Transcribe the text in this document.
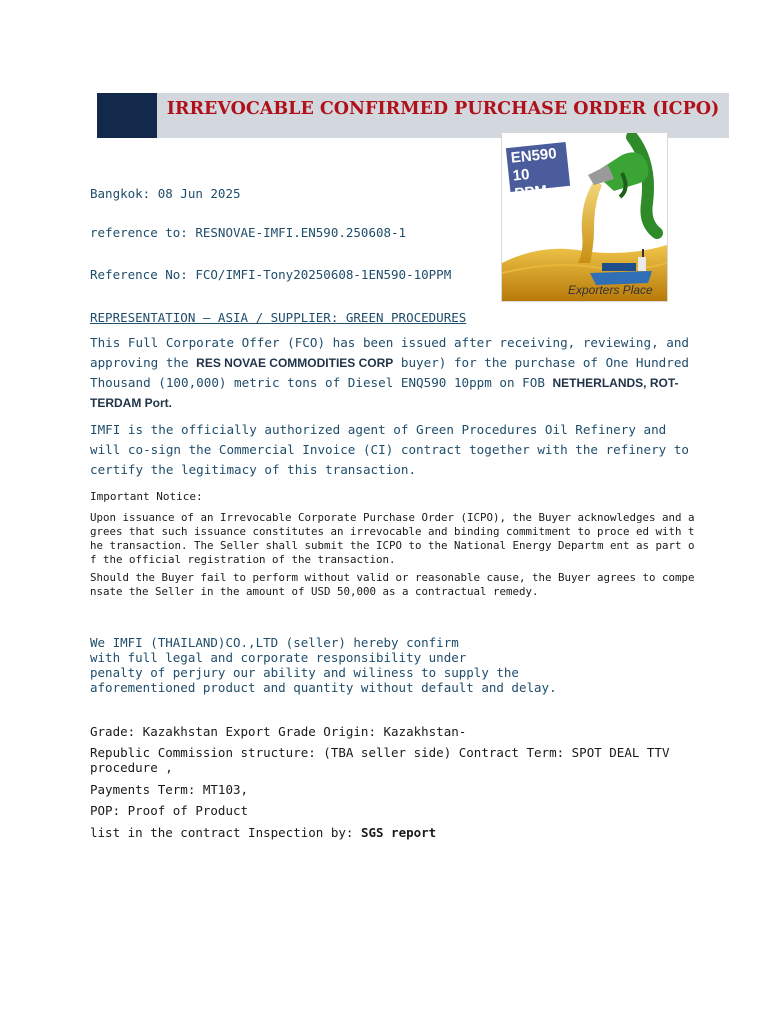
IRREVOCABLE CONFIRMED PURCHASE ORDER (ICPO)
EN590
10 PPM
Exporters Place
Bangkok: 08 Jun 2025
reference to: RESNOVAE-IMFI.EN590.250608-1
Reference No: FCO/IMFI-Tony20250608-1EN590-10PPM
REPRESENTATION – ASIA / SUPPLIER: GREEN PROCEDURES
This Full Corporate Offer (FCO) has been issued after receiving, reviewing, and approving the RES NOVAE COMMODITIES CORP buyer) for the purchase of One Hundred Thousand (100,000) metric tons of Diesel ENQ590 10ppm on FOB NETHERLANDS, ROT-TERDAM Port.
IMFI is the officially authorized agent of Green Procedures Oil Refinery and will co-sign the Commercial Invoice (CI) contract together with the refinery to certify the legitimacy of this transaction.
Important Notice:
Upon issuance of an Irrevocable Corporate Purchase Order (ICPO), the Buyer acknowledges and agrees that such issuance constitutes an irrevocable and binding commitment to proce ed with the transaction. The Seller shall submit the ICPO to the National Energy Departm ent as part of the official registration of the transaction.
Should the Buyer fail to perform without valid or reasonable cause, the Buyer agrees to compensate the Seller in the amount of USD 50,000 as a contractual remedy.
We IMFI (THAILAND)CO.,LTD (seller) hereby confirm
with full legal and corporate responsibility under
penalty of perjury our ability and wiliness to supply the
aforementioned product and quantity without default and delay.
Grade: Kazakhstan Export Grade Origin: Kazakhstan-
Republic Commission structure: (TBA seller side) Contract Term: SPOT DEAL TTV procedure ,
Payments Term: MT103,
POP: Proof of Product
list in the contract Inspection by: SGS report
